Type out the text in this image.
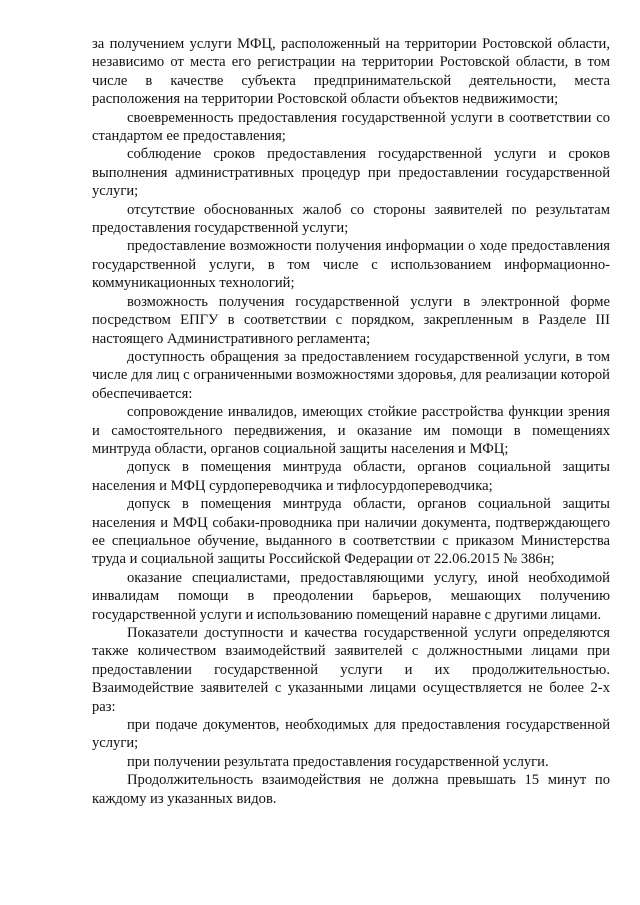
за получением услуги МФЦ, расположенный на территории Ростовской области, независимо от места его регистрации на территории Ростовской области, в том числе в качестве субъекта предпринимательской деятельности, места расположения на территории Ростовской области объектов недвижимости;

своевременность предоставления государственной услуги в соответствии со стандартом ее предоставления;

соблюдение сроков предоставления государственной услуги и сроков выполнения административных процедур при предоставлении государственной услуги;

отсутствие обоснованных жалоб со стороны заявителей по результатам предоставления государственной услуги;

предоставление возможности получения информации о ходе предоставления государственной услуги, в том числе с использованием информационно-коммуникационных технологий;

возможность получения государственной услуги в электронной форме посредством ЕПГУ в соответствии с порядком, закрепленным в Разделе III настоящего Административного регламента;

доступность обращения за предоставлением государственной услуги, в том числе для лиц с ограниченными возможностями здоровья, для реализации которой обеспечивается:

сопровождение инвалидов, имеющих стойкие расстройства функции зрения и самостоятельного передвижения, и оказание им помощи в помещениях минтруда области, органов социальной защиты населения и МФЦ;

допуск в помещения минтруда области, органов социальной защиты населения и МФЦ сурдопереводчика и тифлосурдопереводчика;

допуск в помещения минтруда области, органов социальной защиты населения и МФЦ собаки-проводника при наличии документа, подтверждающего ее специальное обучение, выданного в соответствии с приказом Министерства труда и социальной защиты Российской Федерации от 22.06.2015 № 386н;

оказание специалистами, предоставляющими услугу, иной необходимой инвалидам помощи в преодолении барьеров, мешающих получению государственной услуги и использованию помещений наравне с другими лицами.

Показатели доступности и качества государственной услуги определяются также количеством взаимодействий заявителей с должностными лицами при предоставлении государственной услуги и их продолжительностью. Взаимодействие заявителей с указанными лицами осуществляется не более 2-х раз:

при подаче документов, необходимых для предоставления государственной услуги;

при получении результата предоставления государственной услуги.

Продолжительность взаимодействия не должна превышать 15 минут по каждому из указанных видов.
